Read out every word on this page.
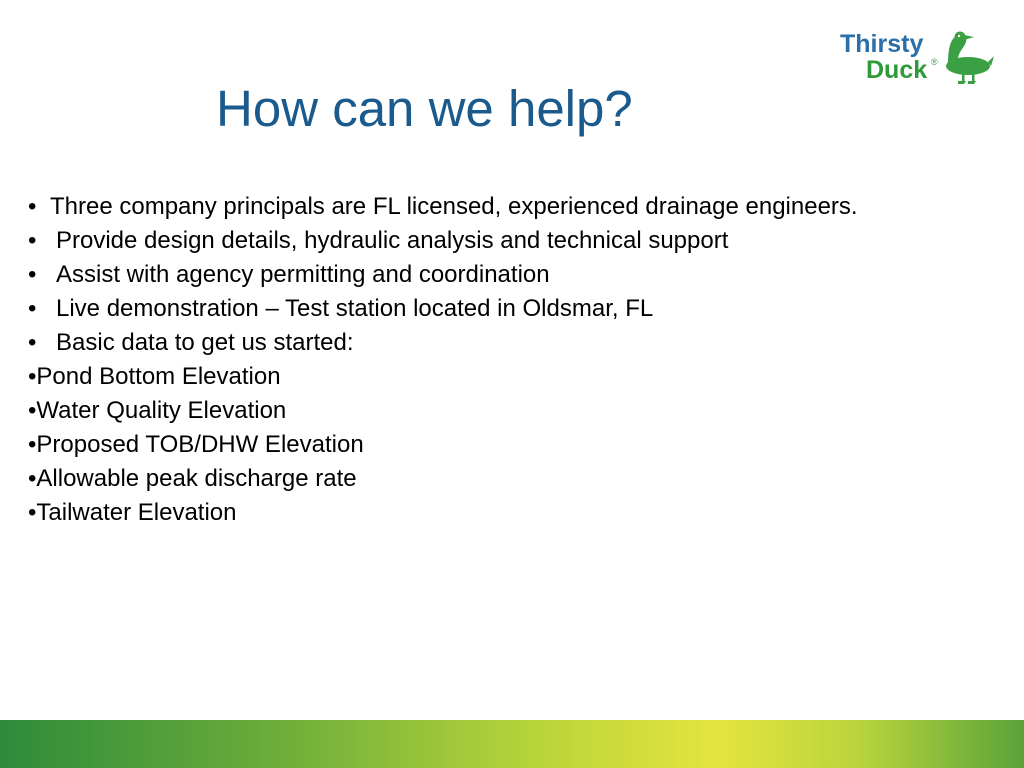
Thirsty
Duck ®
How can we help?
• Three company principals are FL licensed, experienced drainage engineers.
• Provide design details, hydraulic analysis and technical support
• Assist with agency permitting and coordination
• Live demonstration – Test station located in Oldsmar, FL
• Basic data to get us started:
•Pond Bottom Elevation
•Water Quality Elevation
•Proposed TOB/DHW Elevation
•Allowable peak discharge rate
•Tailwater Elevation
